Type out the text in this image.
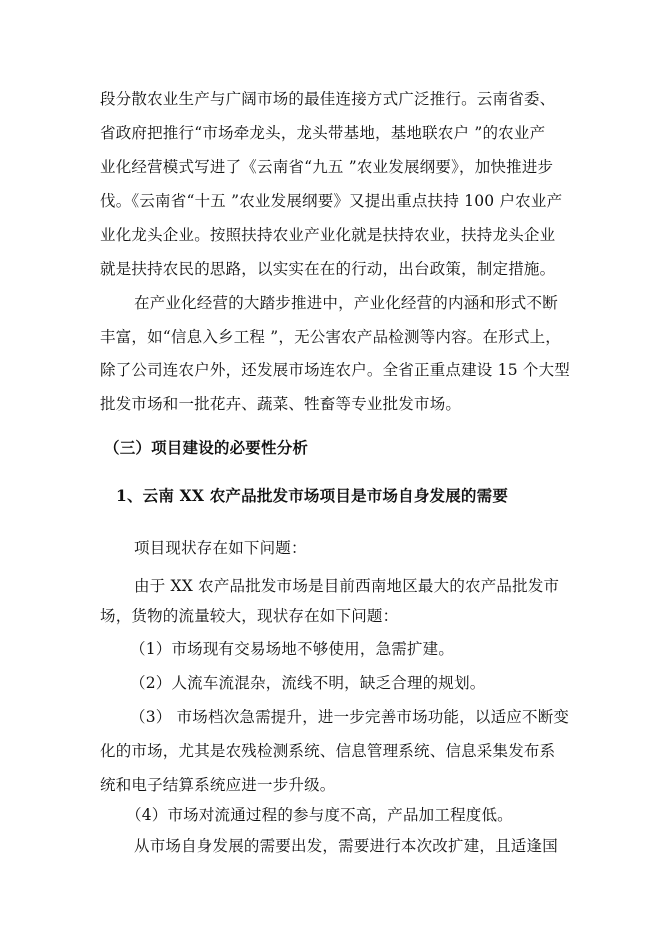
段分散农业生产与广阔市场的最佳连接方式广泛推行。云南省委、
省政府把推行“市场牵龙头，龙头带基地，基地联农户 ”的农业产
业化经营模式写进了《云南省“九五 ”农业发展纲要》，加快推进步
伐。《云南省“十五 ”农业发展纲要》又提出重点扶持 100 户农业产
业化龙头企业。按照扶持农业产业化就是扶持农业，扶持龙头企业
就是扶持农民的思路，以实实在在的行动，出台政策，制定措施。
在产业化经营的大踏步推进中，产业化经营的内涵和形式不断
丰富，如“信息入乡工程 ”，无公害农产品检测等内容。在形式上，
除了公司连农户外，还发展市场连农户。全省正重点建设 15 个大型
批发市场和一批花卉、蔬菜、牲畜等专业批发市场。
（三）项目建设的必要性分析
1、云南 XX 农产品批发市场项目是市场自身发展的需要
项目现状存在如下问题：
由于 XX 农产品批发市场是目前西南地区最大的农产品批发市
场，货物的流量较大，现状存在如下问题：
（1）市场现有交易场地不够使用，急需扩建。
（2）人流车流混杂，流线不明，缺乏合理的规划。
（3） 市场档次急需提升，进一步完善市场功能，以适应不断变
化的市场，尤其是农残检测系统、信息管理系统、信息采集发布系
统和电子结算系统应进一步升级。
（4）市场对流通过程的参与度不高，产品加工程度低。
从市场自身发展的需要出发，需要进行本次改扩建，且适逢国
